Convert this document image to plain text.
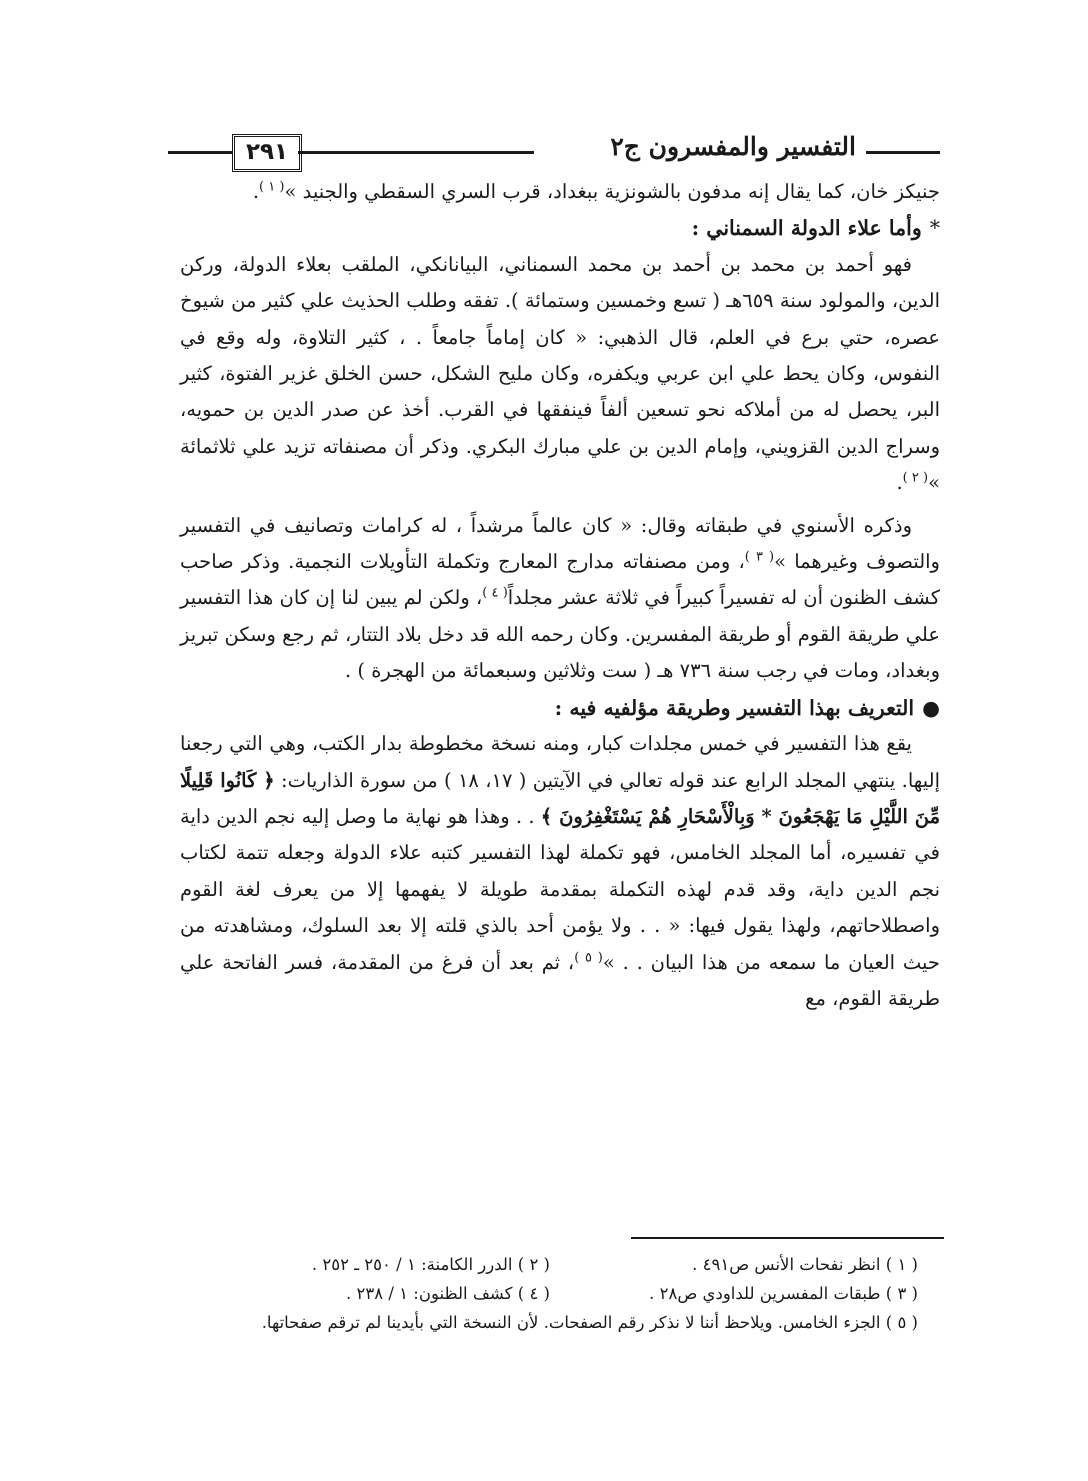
التفسير والمفسرون ج٢
٢٩١

جنيكز خان، كما يقال إنه مدفون بالشونزية ببغداد، قرب السري السقطي والجنيد »$^{( ١ )}$.

*وأما علاء الدولة السمناني :

فهو أحمد بن محمد بن أحمد بن محمد السمناني، البيانانكي، الملقب بعلاء الدولة، وركن الدين، والمولود سنة ٦٥٩هـ ( تسع وخمسين وستمائة ). تفقه وطلب الحذيث علي كثير من شيوخ عصره، حتي برع في العلم، قال الذهبي: « كان إماماً جامعاً . ، كثير التلاوة، وله وقع في النفوس، وكان يحط علي ابن عربي ويكفره، وكان مليح الشكل، حسن الخلق غزير الفتوة، كثير البر، يحصل له من أملاكه نحو تسعين ألفاً فينفقها في القرب. أخذ عن صدر الدين بن حمويه، وسراج الدين القزويني، وإمام الدين بن علي مبارك البكري. وذكر أن مصنفاته تزيد علي ثلاثمائة »$^{( ٢ )}$.

وذكره الأسنوي في طبقاته وقال: « كان عالماً مرشداً ، له كرامات وتصانيف في التفسير والتصوف وغيرهما »$^{( ٣ )}$، ومن مصنفاته مدارج المعارج وتكملة التأويلات النجمية. وذكر صاحب كشف الظنون أن له تفسيراً كبيراً في ثلاثة عشر مجلداً$^{( ٤ )}$، ولكن لم يبين لنا إن كان هذا التفسير علي طريقة القوم أو طريقة المفسرين. وكان رحمه الله قد دخل بلاد التتار، ثم رجع وسكن تبريز وبغداد، ومات في رجب سنة ٧٣٦ هـ ( ست وثلاثين وسبعمائة من الهجرة ) .

●التعريف بهذا التفسير وطريقة مؤلفيه فيه :

يقع هذا التفسير في خمس مجلدات كبار، ومنه نسخة مخطوطة بدار الكتب، وهي التي رجعنا إليها. ينتهي المجلد الرابع عند قوله تعالي في الآيتين ( ١٧، ١٨ ) من سورة الذاريات: ﴿ كَانُوا قَلِيلًا مِّنَ اللَّيْلِ مَا يَهْجَعُونَ * وَبِالْأَسْحَارِ هُمْ يَسْتَغْفِرُونَ ﴾ . . وهذا هو نهاية ما وصل إليه نجم الدين داية في تفسيره، أما المجلد الخامس، فهو تكملة لهذا التفسير كتبه علاء الدولة وجعله تتمة لكتاب نجم الدين داية، وقد قدم لهذه التكملة بمقدمة طويلة لا يفهمها إلا من يعرف لغة القوم واصطلاحاتهم، ولهذا يقول فيها: « . . ولا يؤمن أحد بالذي قلته إلا بعد السلوك، ومشاهدته من حيث العيان ما سمعه من هذا البيان . . »$^{( ٥ )}$، ثم بعد أن فرغ من المقدمة، فسر الفاتحة علي طريقة القوم، مع

( ١ ) انظر نفحات الأنس ص٤٩١ .
( ٢ ) الدرر الكامنة: ١ / ٢٥٠ ـ ٢٥٢ .
( ٣ ) طبقات المفسرين للداودي ص٢٨ .
( ٤ ) كشف الظنون: ١ / ٢٣٨ .
( ٥ ) الجزء الخامس. ويلاحظ أننا لا نذكر رقم الصفحات. لأن النسخة التي بأيدينا لم ترقم صفحاتها.
